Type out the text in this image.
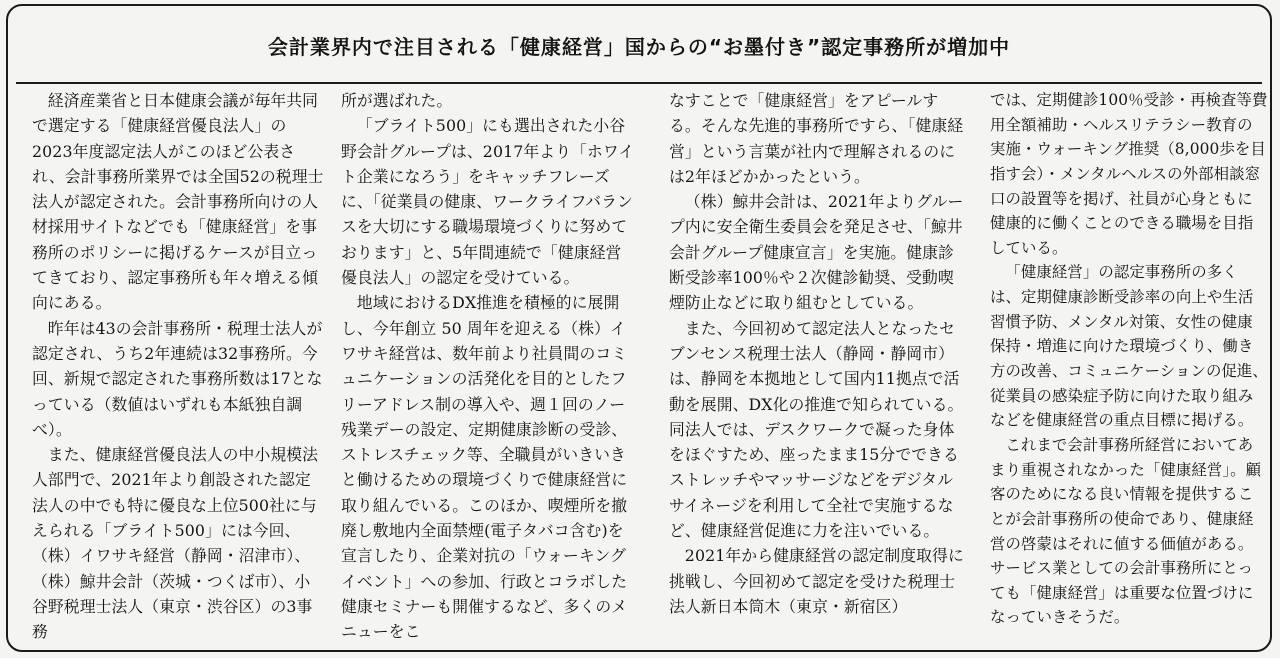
会計業界内で注目される「健康経営」国からの“お墨付き”認定事務所が増加中

経済産業省と日本健康会議が毎年共同で選定する「健康経営優良法人」の2023年度認定法人がこのほど公表され、会計事務所業界では全国52の税理士法人が認定された。会計事務所向けの人材採用サイトなどでも「健康経営」を事務所のポリシーに掲げるケースが目立ってきており、認定事務所も年々増える傾向にある。

昨年は43の会計事務所・税理士法人が認定され、うち2年連続は32事務所。今回、新規で認定された事務所数は17となっている（数値はいずれも本紙独自調べ）。

また、健康経営優良法人の中小規模法人部門で、2021年より創設された認定法人の中でも特に優良な上位500社に与えられる「ブライト500」には今回、（株）イワサキ経営（静岡・沼津市）、（株）鯨井会計（茨城・つくば市）、小谷野税理士法人（東京・渋谷区）の3事務

所が選ばれた。

「ブライト500」にも選出された小谷野会計グループは、2017年より「ホワイト企業になろう」をキャッチフレーズに、「従業員の健康、ワークライフバランスを大切にする職場環境づくりに努めております」と、5年間連続で「健康経営優良法人」の認定を受けている。

地域におけるDX推進を積極的に展開し、今年創立 50 周年を迎える（株）イワサキ経営は、数年前より社員間のコミュニケーションの活発化を目的としたフリーアドレス制の導入や、週１回のノー残業デーの設定、定期健康診断の受診、ストレスチェック等、全職員がいきいきと働けるための環境づくりで健康経営に取り組んでいる。このほか、喫煙所を撤廃し敷地内全面禁煙(電子タバコ含む)を宣言したり、企業対抗の「ウォーキングイベント」への参加、行政とコラボした健康セミナーも開催するなど、多くのメニューをこ

なすことで「健康経営」をアピールする。そんな先進的事務所ですら、「健康経営」という言葉が社内で理解されるのには2年ほどかかったという。

（株）鯨井会計は、2021年よりグループ内に安全衛生委員会を発足させ、「鯨井会計グループ健康宣言」を実施。健康診断受診率100％や２次健診勧奨、受動喫煙防止などに取り組むとしている。

また、今回初めて認定法人となったセブンセンス税理士法人（静岡・静岡市）は、静岡を本拠地として国内11拠点で活動を展開、DX化の推進で知られている。同法人では、デスクワークで凝った身体をほぐすため、座ったまま15分でできるストレッチやマッサージなどをデジタルサイネージを利用して全社で実施するなど、健康経営促進に力を注いでいる。

2021年から健康経営の認定制度取得に挑戦し、今回初めて認定を受けた税理士法人新日本筒木（東京・新宿区）

では、定期健診100％受診・再検査等費用全額補助・ヘルスリテラシー教育の実施・ウォーキング推奨（8,000歩を目指す会）・メンタルヘルスの外部相談窓口の設置等を掲げ、社員が心身ともに健康的に働くことのできる職場を目指している。

「健康経営」の認定事務所の多くは、定期健康診断受診率の向上や生活習慣予防、メンタル対策、女性の健康保持・増進に向けた環境づくり、働き方の改善、コミュニケーションの促進、従業員の感染症予防に向けた取り組みなどを健康経営の重点目標に掲げる。

これまで会計事務所経営においてあまり重視されなかった「健康経営」。顧客のためになる良い情報を提供することが会計事務所の使命であり、健康経営の啓蒙はそれに値する価値がある。サービス業としての会計事務所にとっても「健康経営」は重要な位置づけになっていきそうだ。
